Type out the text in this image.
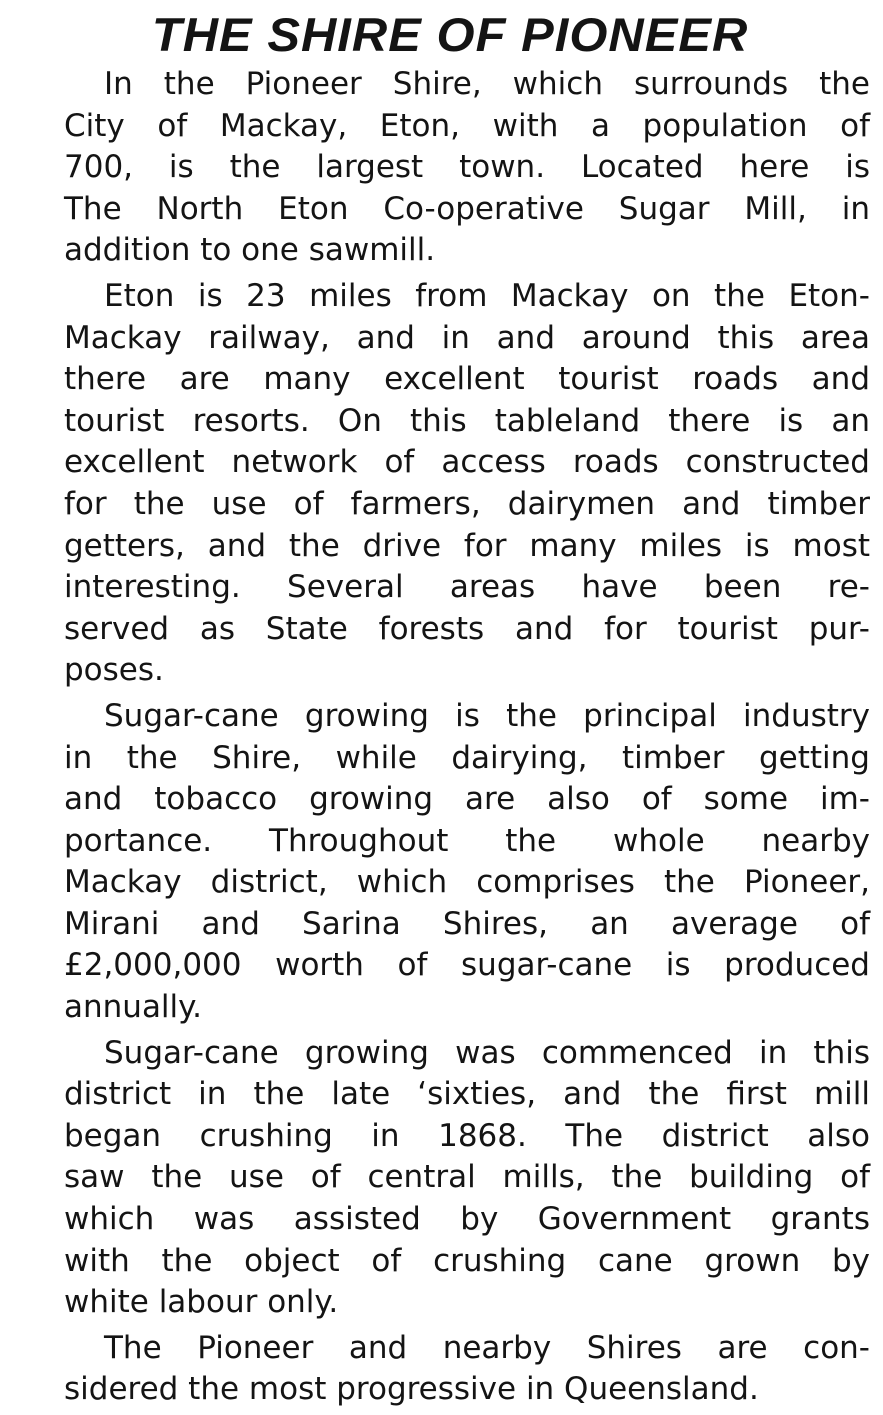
THE SHIRE OF PIONEER
In the Pioneer Shire, which surrounds the
City of Mackay, Eton, with a population of
700, is the largest town. Located here is
The North Eton Co-operative Sugar Mill, in
addition to one sawmill.
Eton is 23 miles from Mackay on the Eton-
Mackay railway, and in and around this area
there are many excellent tourist roads and
tourist resorts. On this tableland there is an
excellent network of access roads constructed
for the use of farmers, dairymen and timber
getters, and the drive for many miles is most
interesting. Several areas have been re-
served as State forests and for tourist pur-
poses.
Sugar-cane growing is the principal industry
in the Shire, while dairying, timber getting
and tobacco growing are also of some im-
portance. Throughout the whole nearby
Mackay district, which comprises the Pioneer,
Mirani and Sarina Shires, an average of
£2,000,000 worth of sugar-cane is produced
annually.
Sugar-cane growing was commenced in this
district in the late ‘sixties, and the first mill
began crushing in 1868. The district also
saw the use of central mills, the building of
which was assisted by Government grants
with the object of crushing cane grown by
white labour only.
The Pioneer and nearby Shires are con-
sidered the most progressive in Queensland.
